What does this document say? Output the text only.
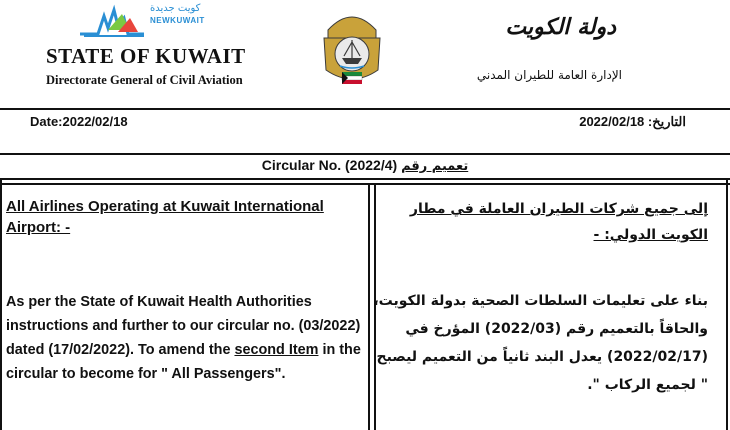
كويت جديدة
NEWKUWAIT
STATE OF KUWAIT
Directorate General of Civil Aviation
دولة الكويت
الإدارة العامة للطيران المدني
Date:2022/02/18	التاريخ: 2022/02/18
Circular No. (2022/4) تعميم رقم
All Airlines Operating at Kuwait International Airport: -
إلى جميع شركات الطيران العاملة في مطار الكويت الدولي: -
As per the State of Kuwait Health Authorities instructions and further to our circular no. (03/2022) dated (17/02/2022). To amend the second Item in the circular to become for " All Passengers".
بناء على تعليمات السلطات الصحية بدولة الكويت، والحاقاً بالتعميم رقم (2022/03) المؤرخ في (2022/02/17) يعدل البند ثانياً من التعميم ليصبح " لجميع الركاب ".
